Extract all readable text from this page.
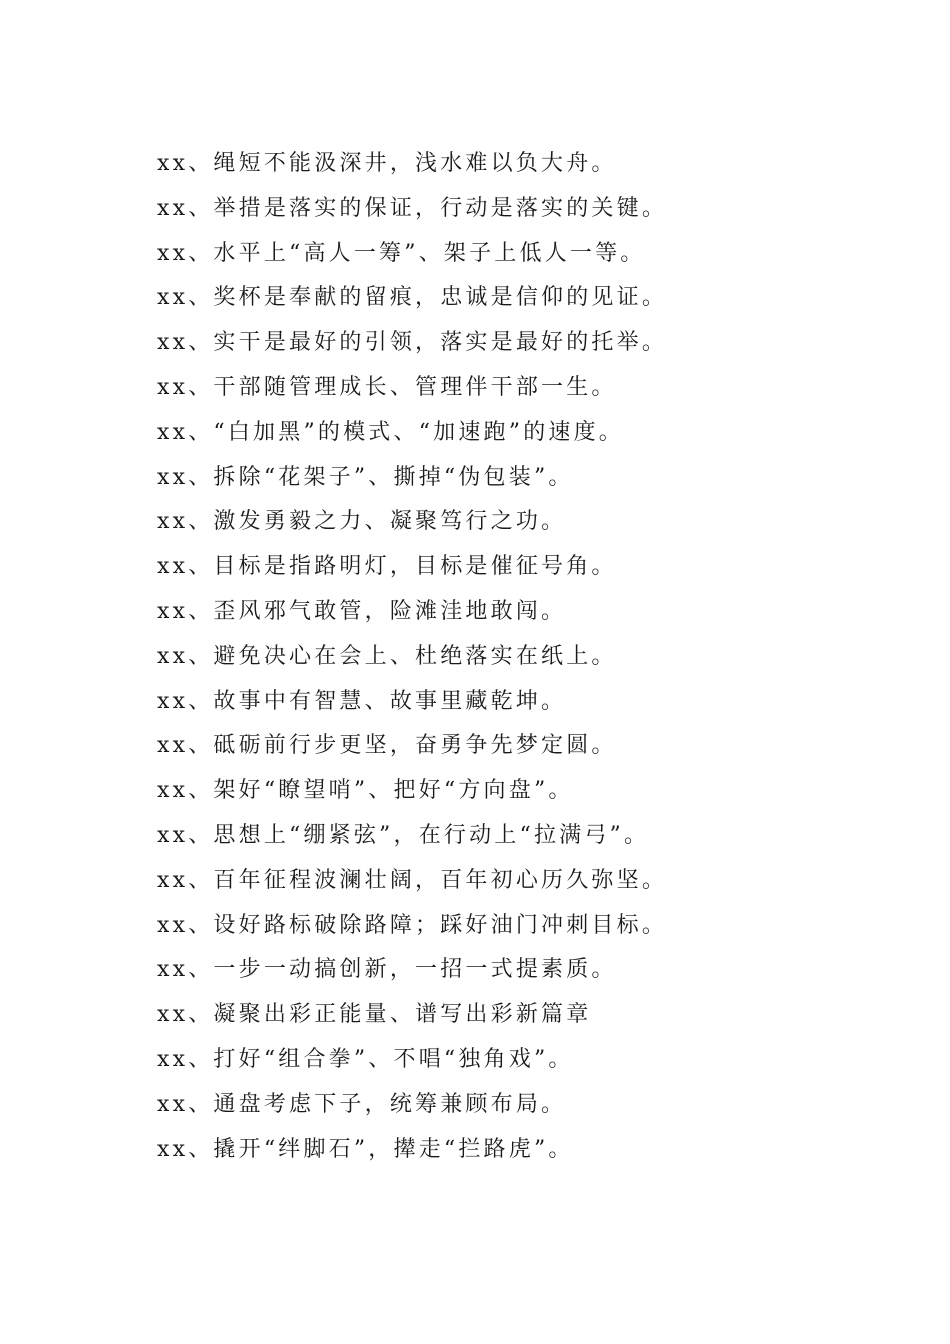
xx、绳短不能汲深井，浅水难以负大舟。
xx、举措是落实的保证，行动是落实的关键。
xx、水平上“高人一筹”、架子上低人一等。
xx、奖杯是奉献的留痕，忠诚是信仰的见证。
xx、实干是最好的引领，落实是最好的托举。
xx、干部随管理成长、管理伴干部一生。
xx、“白加黑”的模式、“加速跑”的速度。
xx、拆除“花架子”、撕掉“伪包装”。
xx、激发勇毅之力、凝聚笃行之功。
xx、目标是指路明灯，目标是催征号角。
xx、歪风邪气敢管，险滩洼地敢闯。
xx、避免决心在会上、杜绝落实在纸上。
xx、故事中有智慧、故事里藏乾坤。
xx、砥砺前行步更坚，奋勇争先梦定圆。
xx、架好“瞭望哨”、把好“方向盘”。
xx、思想上“绷紧弦”，在行动上“拉满弓”。
xx、百年征程波澜壮阔，百年初心历久弥坚。
xx、设好路标破除路障；踩好油门冲刺目标。
xx、一步一动搞创新，一招一式提素质。
xx、凝聚出彩正能量、谱写出彩新篇章
xx、打好“组合拳”、不唱“独角戏”。
xx、通盘考虑下子，统筹兼顾布局。
xx、撬开“绊脚石”，撵走“拦路虎”。
